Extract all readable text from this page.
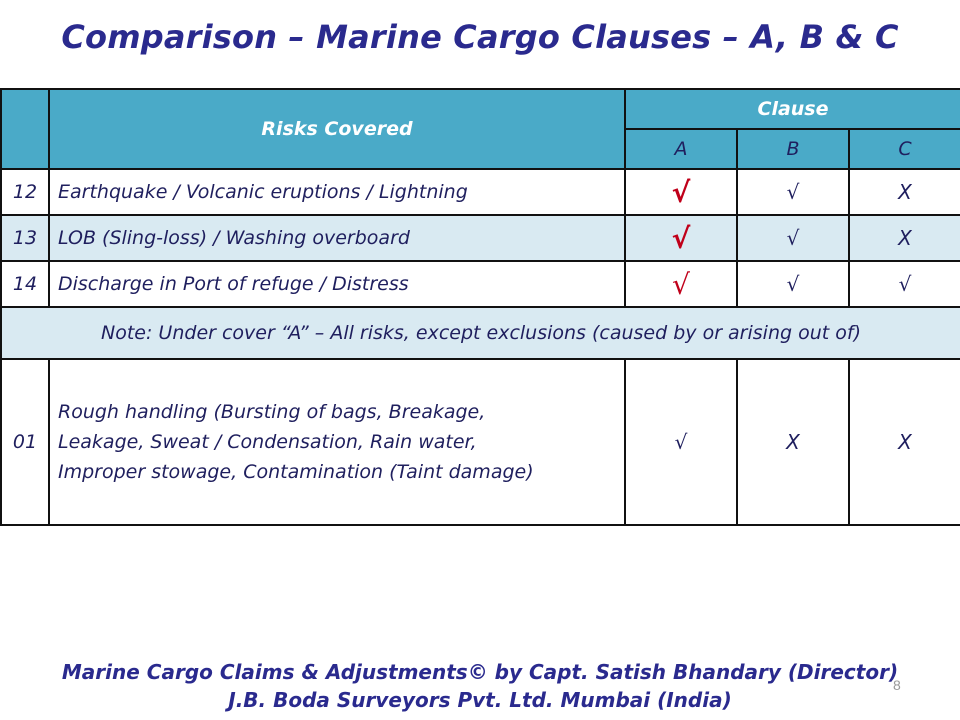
Comparison – Marine Cargo Clauses – A, B & C
	Risks Covered	Clause		
		A	B	C
12	Earthquake / Volcanic eruptions / Lightning	√	√	X
13	LOB (Sling-loss) / Washing overboard	√	√	X
14	Discharge in Port of refuge / Distress	√	√	√
Note: Under cover “A” – All risks, except exclusions (caused by or arising out of)				
01	Rough handling (Bursting of bags, Breakage,
Leakage, Sweat / Condensation, Rain water,
Improper stowage, Contamination (Taint damage)	√	X	X
Marine Cargo Claims & Adjustments© by Capt. Satish Bhandary (Director)
J.B. Boda Surveyors Pvt. Ltd. Mumbai (India)
8
